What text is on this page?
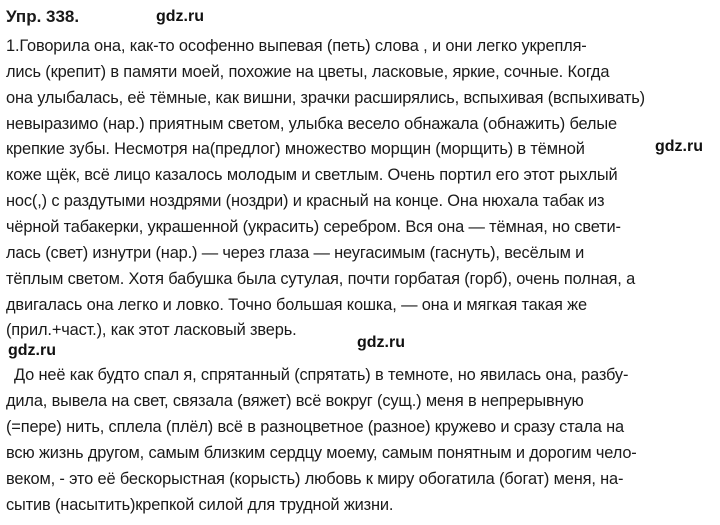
Упр. 338.	gdz.ru
gdz.ru
gdz.ru	gdz.ru
1.Говорила она, как-то ософенно выпевая (петь) слова , и они легко укрепля-
лись (крепит) в памяти моей, похожие на цветы, ласковые, яркие, сочные. Когда
она улыбалась, её тёмные, как вишни, зрачки расширялись, вспыхивая (вспыхивать)
невыразимо (нар.) приятным светом, улыбка весело обнажала (обнажить) белые
крепкие зубы. Несмотря на(предлог) множество морщин (морщить) в тёмной
коже щёк, всё лицо казалось молодым и светлым. Очень портил его этот рыхлый
нос(,) с раздутыми ноздрями (ноздри) и красный на конце. Она нюхала табак из
чёрной табакерки, украшенной (украсить) серебром. Вся она — тёмная, но свети-
лась (свет) изнутри (нар.) — через глаза — неугасимым (гаснуть), весёлым и
тёплым светом. Хотя бабушка была сутулая, почти горбатая (горб), очень полная, а
двигалась она легко и ловко. Точно большая кошка, — она и мягкая такая же
(прил.+част.), как этот ласковый зверь.
До неё как будто спал я, спрятанный (спрятать) в темноте, но явилась она, разбу-
дила, вывела на свет, связала (вяжет) всё вокруг (сущ.) меня в непрерывную
(=пере) нить, сплела (плёл) всё в разноцветное (разное) кружево и сразу стала на
всю жизнь другом, самым близким сердцу моему, самым понятным и дорогим чело-
веком, - это её бескорыстная (корысть) любовь к миру обогатила (богат) меня, на-
сытив (насытить)крепкой силой для трудной жизни.
